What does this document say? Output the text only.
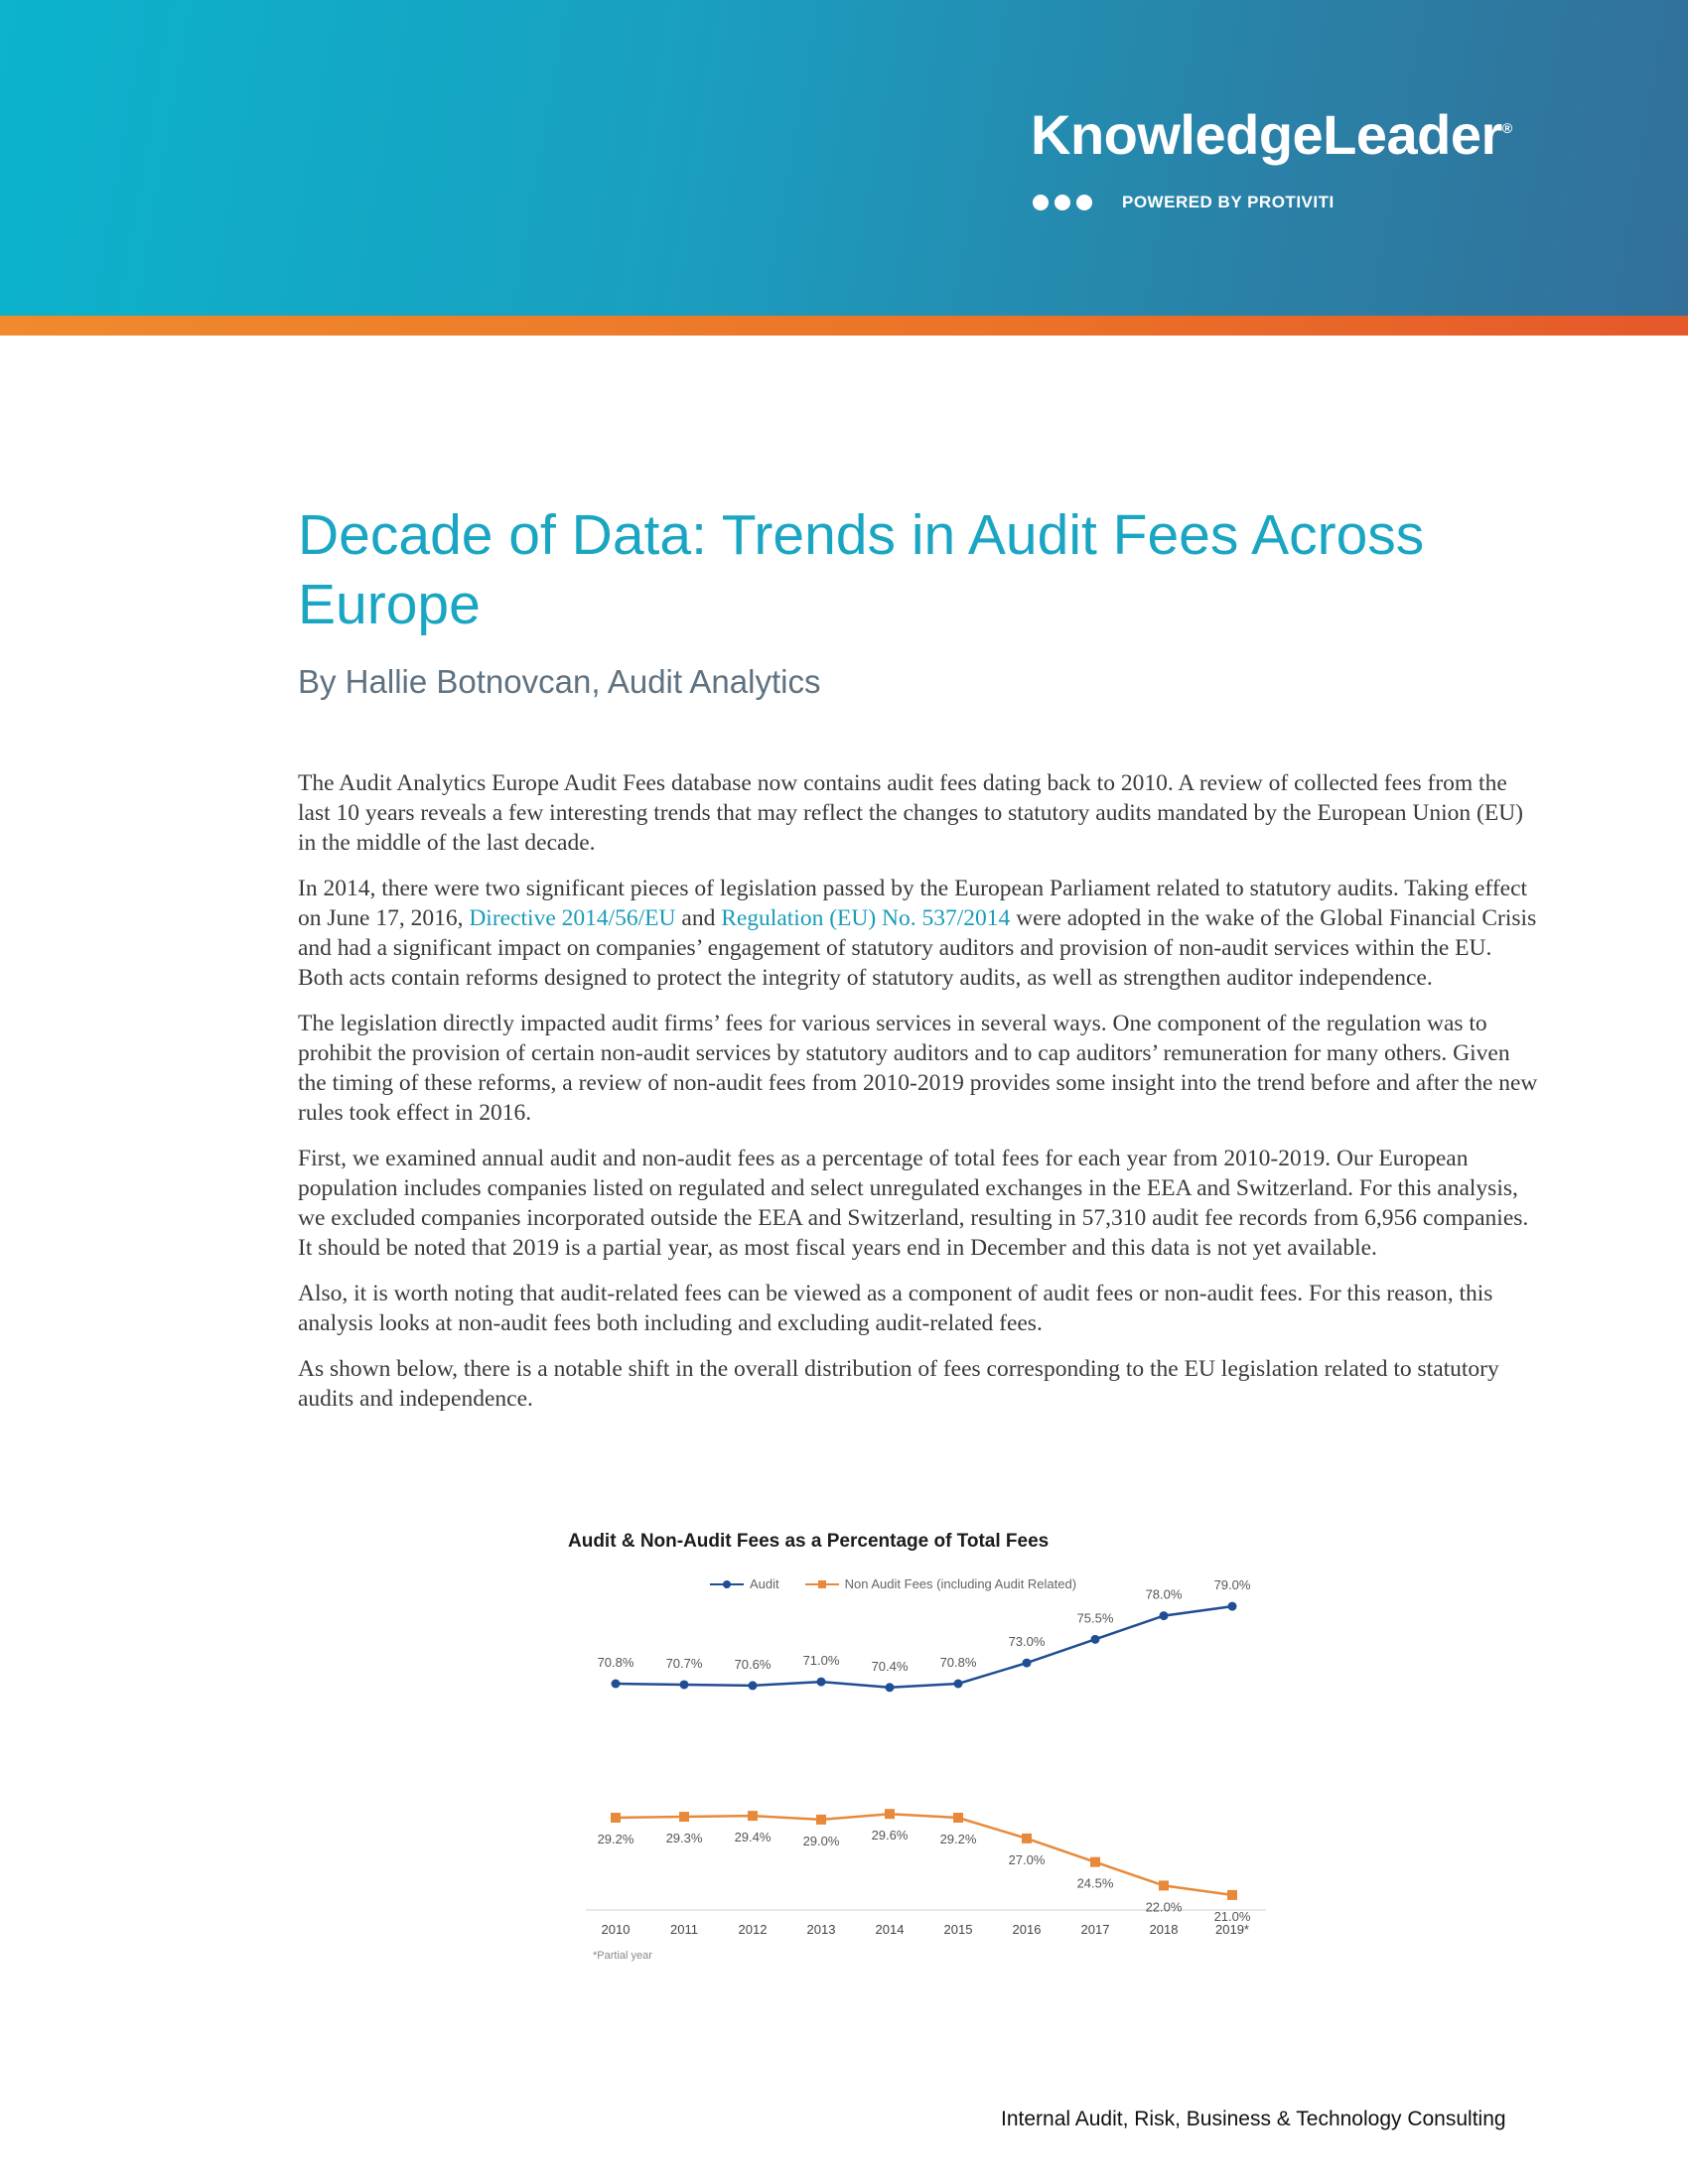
KnowledgeLeader®
POWERED BY PROTIVITI
Decade of Data: Trends in Audit Fees Across Europe
By Hallie Botnovcan, Audit Analytics

The Audit Analytics Europe Audit Fees database now contains audit fees dating back to 2010. A review of collected fees from the last 10 years reveals a few interesting trends that may reflect the changes to statutory audits mandated by the European Union (EU) in the middle of the last decade.

In 2014, there were two significant pieces of legislation passed by the European Parliament related to statutory audits. Taking effect on June 17, 2016, Directive 2014/56/EU and Regulation (EU) No. 537/2014 were adopted in the wake of the Global Financial Crisis and had a significant impact on companies’ engagement of statutory auditors and provision of non-audit services within the EU. Both acts contain reforms designed to protect the integrity of statutory audits, as well as strengthen auditor independence.

The legislation directly impacted audit firms’ fees for various services in several ways. One component of the regulation was to prohibit the provision of certain non-audit services by statutory auditors and to cap auditors’ remuneration for many others. Given the timing of these reforms, a review of non-audit fees from 2010-2019 provides some insight into the trend before and after the new rules took effect in 2016.

First, we examined annual audit and non-audit fees as a percentage of total fees for each year from 2010-2019. Our European population includes companies listed on regulated and select unregulated exchanges in the EEA and Switzerland. For this analysis, we excluded companies incorporated outside the EEA and Switzerland, resulting in 57,310 audit fee records from 6,956 companies. It should be noted that 2019 is a partial year, as most fiscal years end in December and this data is not yet available.

Also, it is worth noting that audit-related fees can be viewed as a component of audit fees or non-audit fees. For this reason, this analysis looks at non-audit fees both including and excluding audit-related fees.

As shown below, there is a notable shift in the overall distribution of fees corresponding to the EU legislation related to statutory audits and independence.

70.8% 70.7% 70.6% 71.0% 70.4% 70.8%
73.0%
75.5%
78.0%
79.0%
29.2% 29.3% 29.4% 29.0% 29.6% 29.2%
27.0%
24.5%
22.0%
21.0%
2010	2011	2012	2013	2014	2015	2016	2017	2018	2019*
Audit & Non-Audit Fees as a Percentage of Total Fees
Audit	Non Audit Fees (including Audit Related)
*Partial year
Internal Audit, Risk, Business & Technology Consulting
